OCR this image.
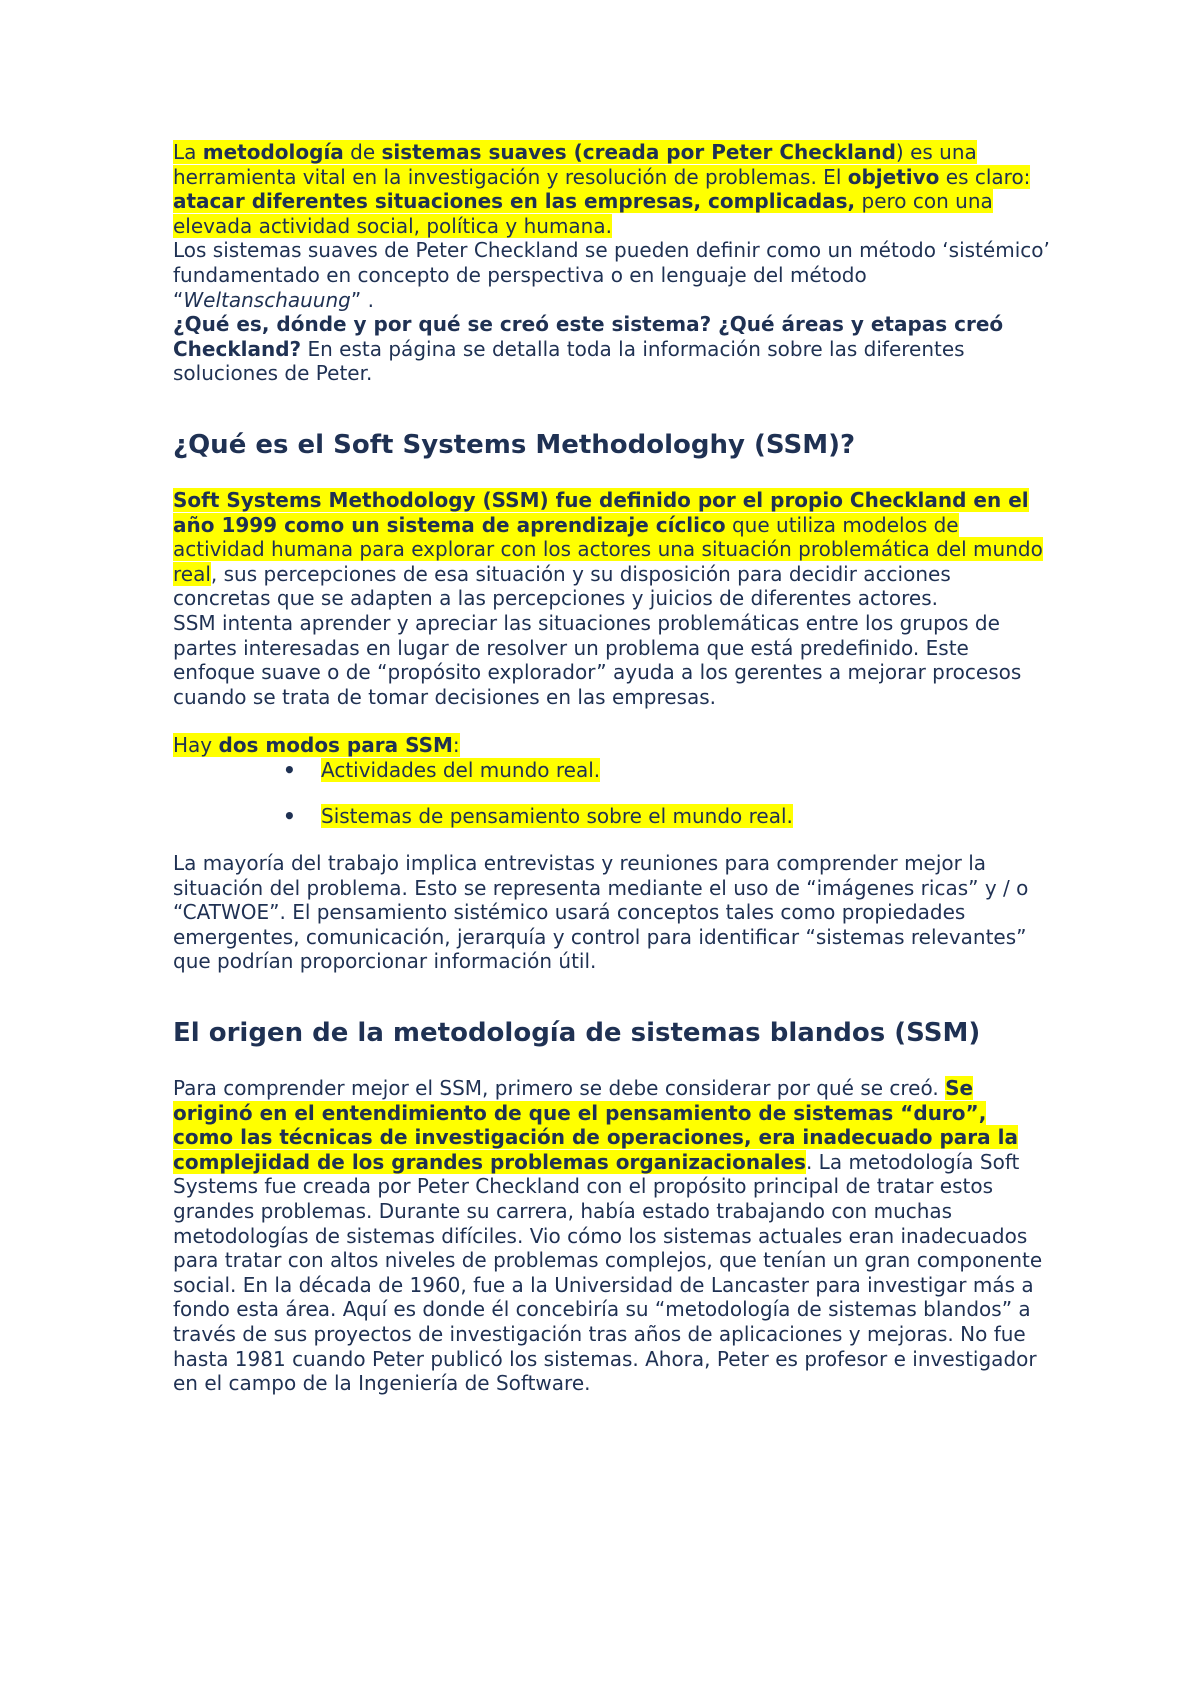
La metodología de sistemas suaves (creada por Peter Checkland) es una herramienta vital en la investigación y resolución de problemas. El objetivo es claro: atacar diferentes situaciones en las empresas, complicadas, pero con una elevada actividad social, política y humana.

Los sistemas suaves de Peter Checkland se pueden definir como un método ‘sistémico’ fundamentado en concepto de perspectiva o en lenguaje del método “Weltanschauung” .

¿Qué es, dónde y por qué se creó este sistema? ¿Qué áreas y etapas creó Checkland? En esta página se detalla toda la información sobre las diferentes soluciones de Peter.

¿Qué es el Soft Systems Methodologhy (SSM)?

Soft Systems Methodology (SSM) fue definido por el propio Checkland en el año 1999 como un sistema de aprendizaje cíclico que utiliza modelos de actividad humana para explorar con los actores una situación problemática del mundo real, sus percepciones de esa situación y su disposición para decidir acciones concretas que se adapten a las percepciones y juicios de diferentes actores.

SSM intenta aprender y apreciar las situaciones problemáticas entre los grupos de partes interesadas en lugar de resolver un problema que está predefinido. Este enfoque suave o de “propósito explorador” ayuda a los gerentes a mejorar procesos cuando se trata de tomar decisiones en las empresas.

Hay dos modos para SSM:

• Actividades del mundo real.
• Sistemas de pensamiento sobre el mundo real.

La mayoría del trabajo implica entrevistas y reuniones para comprender mejor la situación del problema. Esto se representa mediante el uso de “imágenes ricas” y / o “CATWOE”. El pensamiento sistémico usará conceptos tales como propiedades emergentes, comunicación, jerarquía y control para identificar “sistemas relevantes” que podrían proporcionar información útil.

El origen de la metodología de sistemas blandos (SSM)

Para comprender mejor el SSM, primero se debe considerar por qué se creó. Se originó en el entendimiento de que el pensamiento de sistemas “duro”, como las técnicas de investigación de operaciones, era inadecuado para la complejidad de los grandes problemas organizacionales. La metodología Soft Systems fue creada por Peter Checkland con el propósito principal de tratar estos grandes problemas. Durante su carrera, había estado trabajando con muchas metodologías de sistemas difíciles. Vio cómo los sistemas actuales eran inadecuados para tratar con altos niveles de problemas complejos, que tenían un gran componente social. En la década de 1960, fue a la Universidad de Lancaster para investigar más a fondo esta área. Aquí es donde él concebiría su “metodología de sistemas blandos” a través de sus proyectos de investigación tras años de aplicaciones y mejoras. No fue hasta 1981 cuando Peter publicó los sistemas. Ahora, Peter es profesor e investigador en el campo de la Ingeniería de Software.
